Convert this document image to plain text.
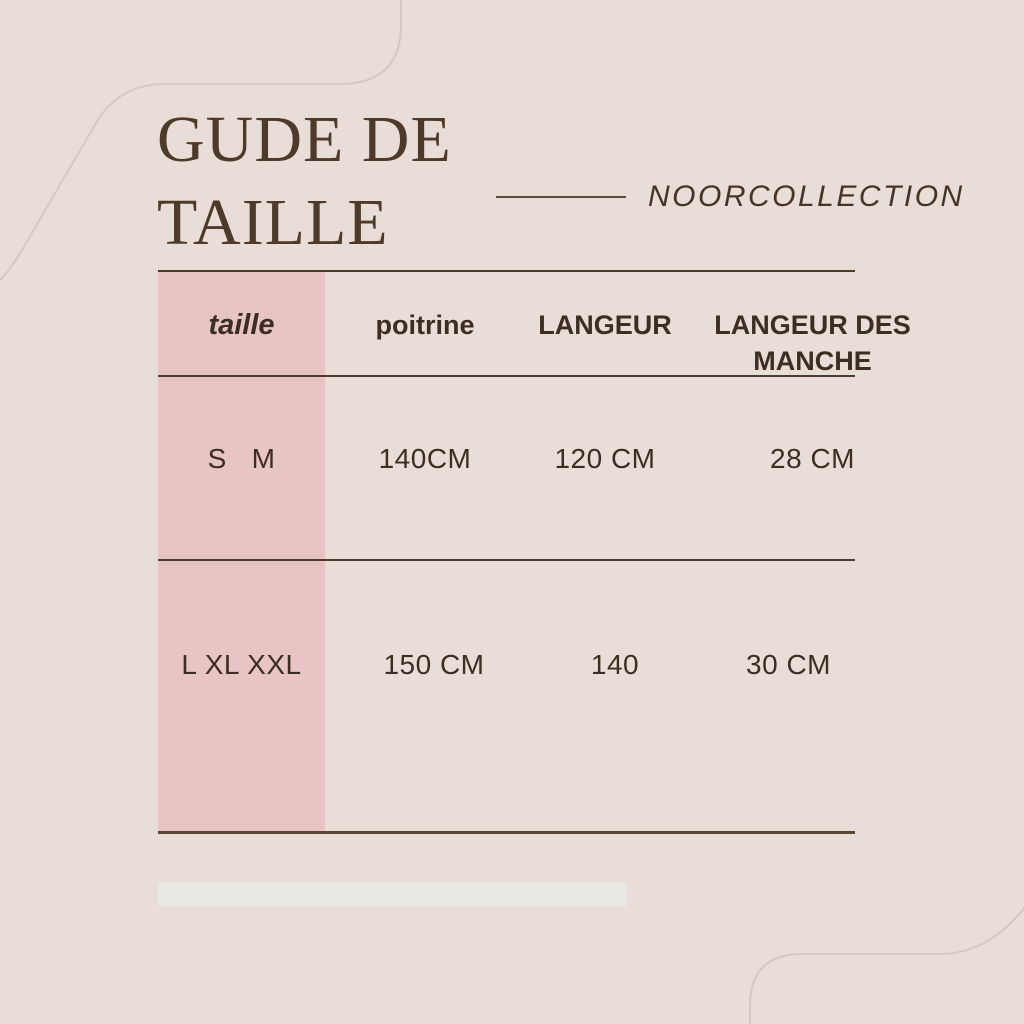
GUDE DE
TAILLE	NOORCOLLECTION
taille	poitrine	LANGEUR	LANGEUR DES MANCHE
S   M	140CM	120 CM	28 CM
L XL XXL	150 CM	140	30 CM
